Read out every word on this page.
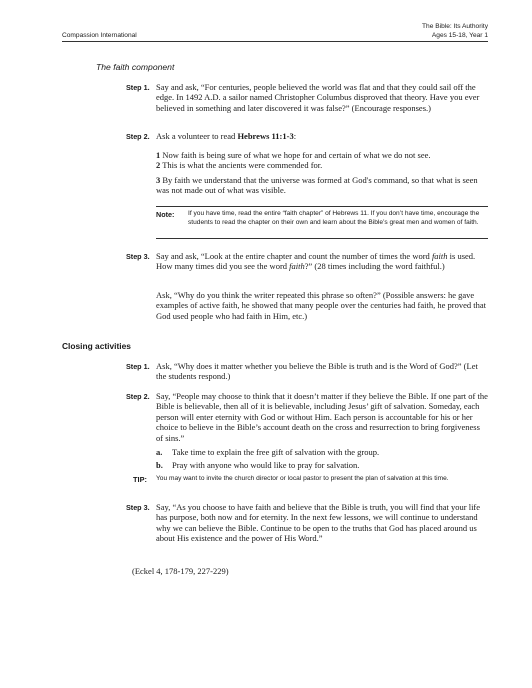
Compassion International
The Bible: Its Authority
Ages 15-18, Year 1
The faith component
Step 1. Say and ask, “For centuries, people believed the world was flat and that they could sail off the edge. In 1492 A.D. a sailor named Christopher Columbus disproved that theory. Have you ever believed in something and later discovered it was false?” (Encourage responses.)
Step 2. Ask a volunteer to read Hebrews 11:1-3:
1 Now faith is being sure of what we hope for and certain of what we do not see.
2 This is what the ancients were commended for.
3 By faith we understand that the universe was formed at God's command, so that what is seen was not made out of what was visible.
Note: If you have time, read the entire “faith chapter” of Hebrews 11. If you don’t have time, encourage the students to read the chapter on their own and learn about the Bible’s great men and women of faith.
Step 3. Say and ask, “Look at the entire chapter and count the number of times the word faith is used. How many times did you see the word faith?” (28 times including the word faithful.)
Ask, “Why do you think the writer repeated this phrase so often?” (Possible answers: he gave examples of active faith, he showed that many people over the centuries had faith, he proved that God used people who had faith in Him, etc.)
Closing activities
Step 1. Ask, “Why does it matter whether you believe the Bible is truth and is the Word of God?” (Let the students respond.)
Step 2. Say, “People may choose to think that it doesn’t matter if they believe the Bible. If one part of the Bible is believable, then all of it is believable, including Jesus’ gift of salvation. Someday, each person will enter eternity with God or without Him. Each person is accountable for his or her choice to believe in the Bible’s account death on the cross and resurrection to bring forgiveness of sins.”
a. Take time to explain the free gift of salvation with the group.
b. Pray with anyone who would like to pray for salvation.
TIP: You may want to invite the church director or local pastor to present the plan of salvation at this time.
Step 3. Say, “As you choose to have faith and believe that the Bible is truth, you will find that your life has purpose, both now and for eternity. In the next few lessons, we will continue to understand why we can believe the Bible. Continue to be open to the truths that God has placed around us about His existence and the power of His Word.”
(Eckel 4, 178-179, 227-229)
